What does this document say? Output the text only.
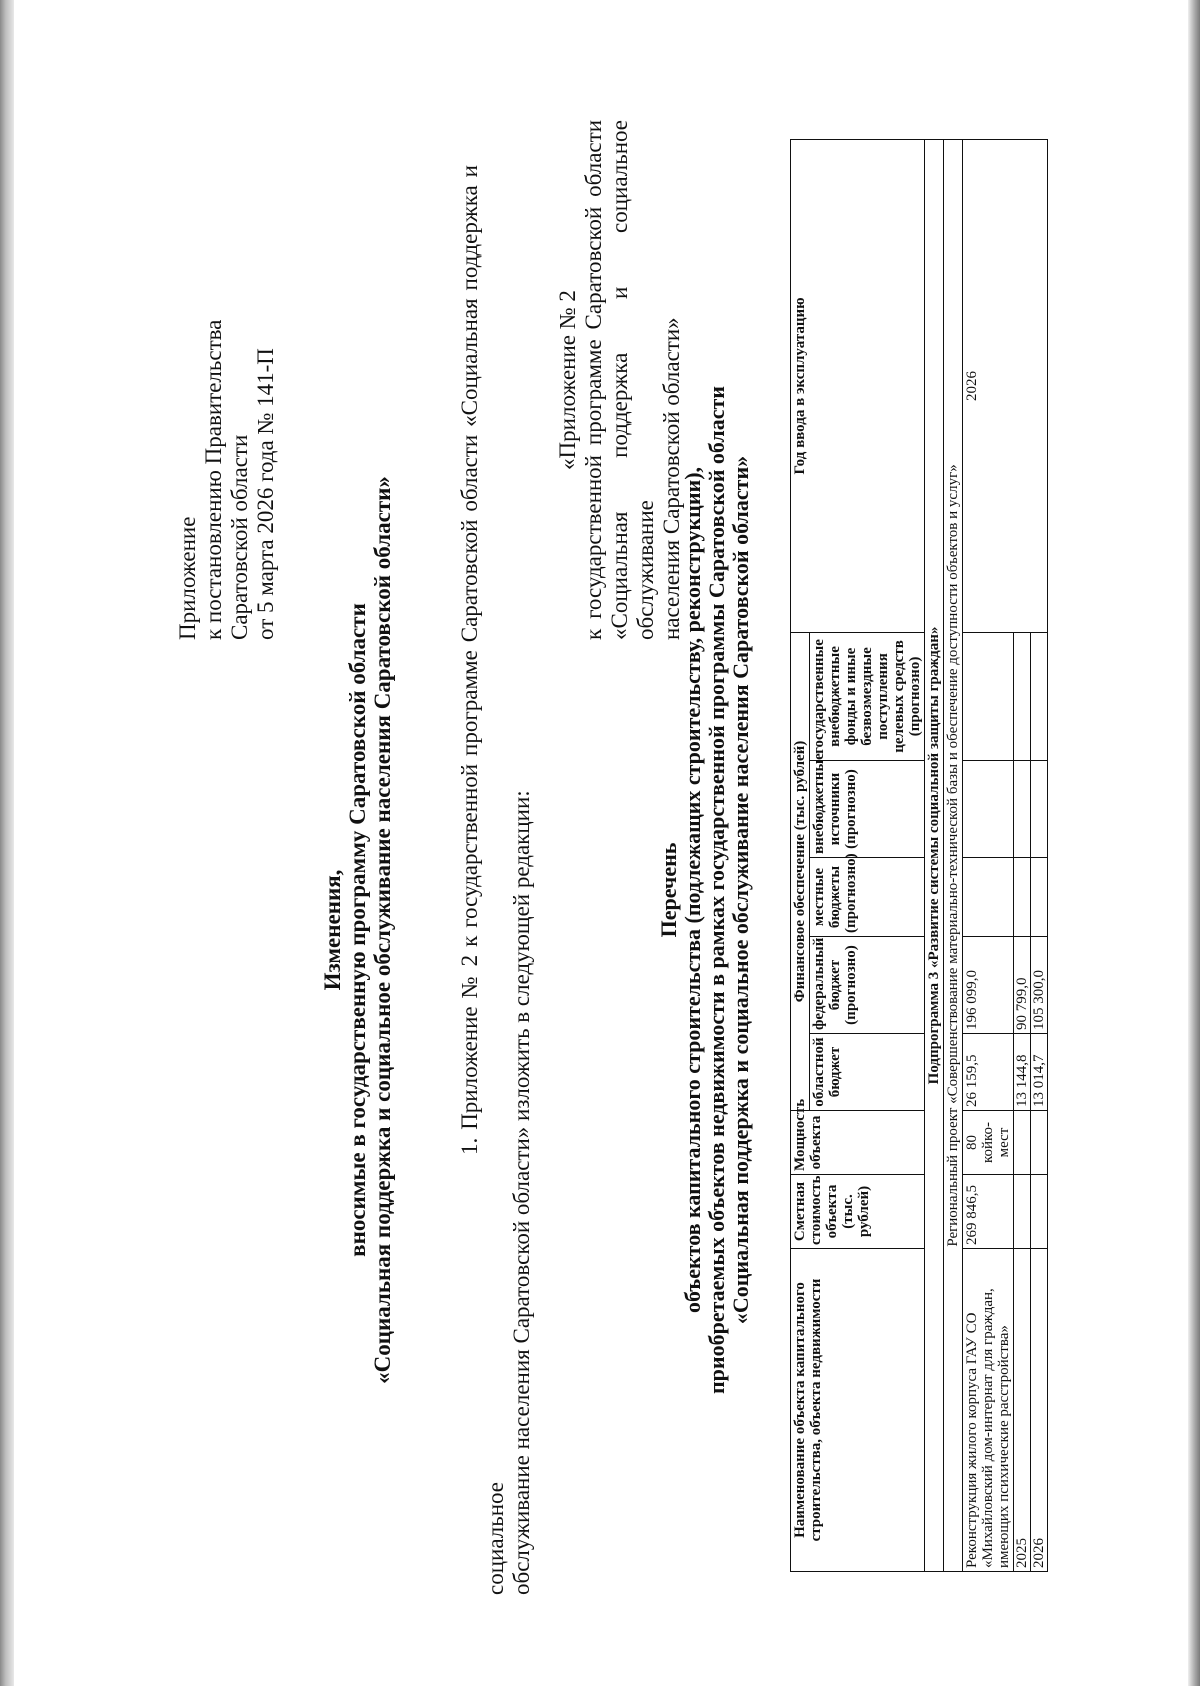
Приложение к постановлению Правительства Саратовской области от 5 марта 2026 года № 141-П
Изменения, вносимые в государственную программу Саратовской области «Социальная поддержка и социальное обслуживание населения Саратовской области»	1. Приложение № 2 к государственной программе Саратовской области «Социальная поддержка и социальное обслуживание населения Саратовской области» изложить в следующей редакции:
«Приложение № 2 к государственной программе Саратовской области «Социальная поддержка и социальное обслуживание населения Саратовской области»
Перечень объектов капитального строительства (подлежащих строительству, реконструкции), приобретаемых объектов недвижимости в рамках государственной программы Саратовской области «Социальная поддержка и социальное обслуживание населения Саратовской области»
Наименование объекта капитального строительства, объекта недвижимости	Сметная стоимость объекта (тыс. рублей)	Мощность объекта	Финансовое обеспечение (тыс. рублей)					Год ввода в эксплуатацию
			областной бюджет	федеральный бюджет (прогнозно)	местные бюджеты (прогнозно)	внебюджетные источники (прогнозно)	государственные внебюджетные фонды и иные безвозмездные поступления целевых средств (прогнозно)	
Подпрограмма 3 «Развитие системы социальной защиты граждан»								
Региональный проект «Совершенствование материально-технической базы и обеспечение доступности объектов и услуг»								
Реконструкция жилого корпуса ГАУ СО «Михайловский дом-интернат для граждан, имеющих психические расстройства»	269 846,5	80 койко-мест	26 159,5	196 099,0				2026
2025			13 144,8	90 799,0				
2026			13 014,7	105 300,0				
